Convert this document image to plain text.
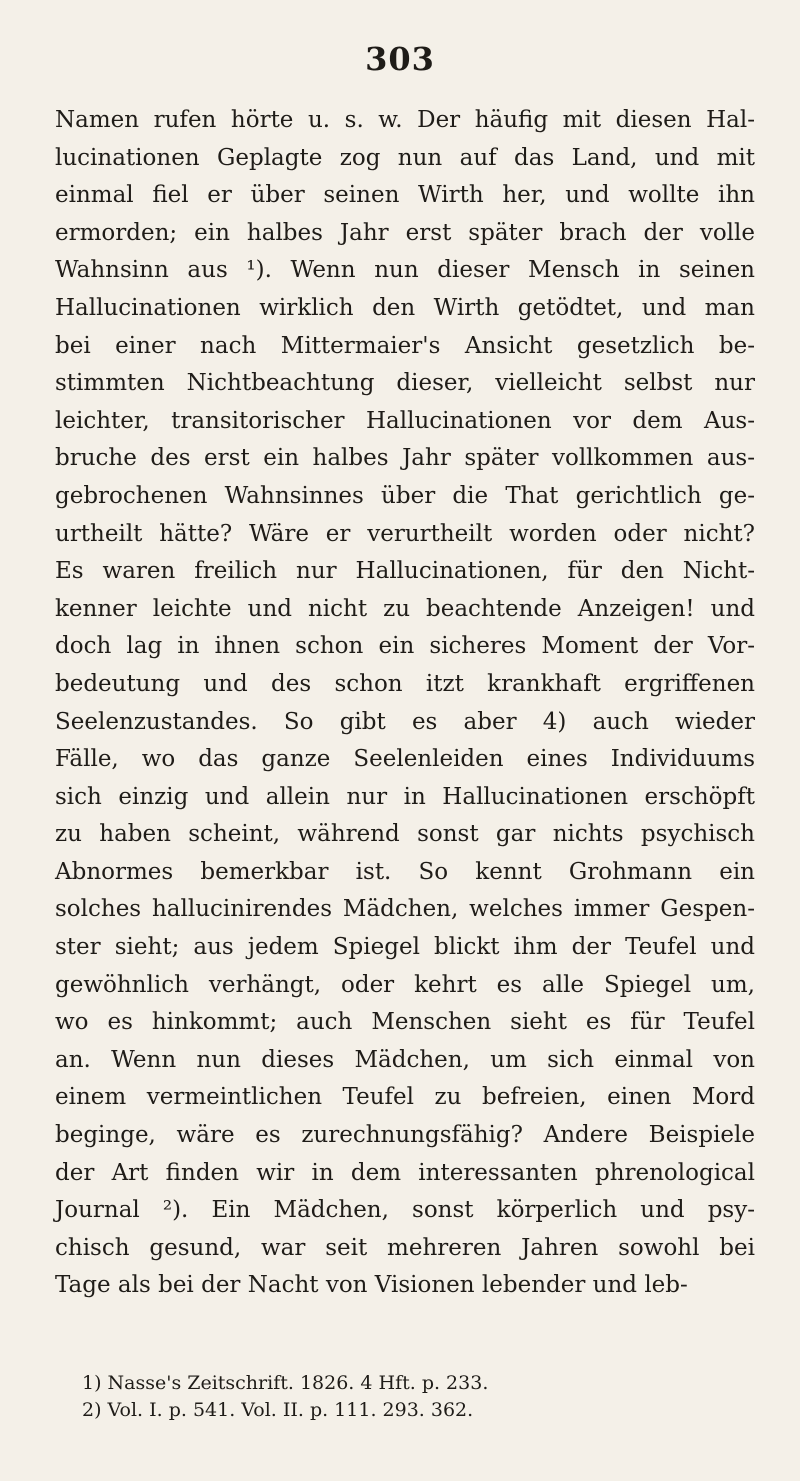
303
Namen rufen hörte u. s. w. Der häufig mit diesen Hal-
lucinationen Geplagte zog nun auf das Land, und mit
einmal fiel er über seinen Wirth her, und wollte ihn
ermorden; ein halbes Jahr erst später brach der volle
Wahnsinn aus ¹). Wenn nun dieser Mensch in seinen
Hallucinationen wirklich den Wirth getödtet, und man
bei einer nach Mittermaier's Ansicht gesetzlich be-
stimmten Nichtbeachtung dieser, vielleicht selbst nur
leichter, transitorischer Hallucinationen vor dem Aus-
bruche des erst ein halbes Jahr später vollkommen aus-
gebrochenen Wahnsinnes über die That gerichtlich ge-
urtheilt hätte? Wäre er verurtheilt worden oder nicht?
Es waren freilich nur Hallucinationen, für den Nicht-
kenner leichte und nicht zu beachtende Anzeigen! und
doch lag in ihnen schon ein sicheres Moment der Vor-
bedeutung und des schon itzt krankhaft ergriffenen
Seelenzustandes. So gibt es aber 4) auch wieder
Fälle, wo das ganze Seelenleiden eines Individuums
sich einzig und allein nur in Hallucinationen erschöpft
zu haben scheint, während sonst gar nichts psychisch
Abnormes bemerkbar ist. So kennt Grohmann ein
solches hallucinirendes Mädchen, welches immer Gespen-
ster sieht; aus jedem Spiegel blickt ihm der Teufel und
gewöhnlich verhängt, oder kehrt es alle Spiegel um,
wo es hinkommt; auch Menschen sieht es für Teufel
an. Wenn nun dieses Mädchen, um sich einmal von
einem vermeintlichen Teufel zu befreien, einen Mord
beginge, wäre es zurechnungsfähig? Andere Beispiele
der Art finden wir in dem interessanten phrenological
Journal ²). Ein Mädchen, sonst körperlich und psy-
chisch gesund, war seit mehreren Jahren sowohl bei
Tage als bei der Nacht von Visionen lebender und leb-
1) Nasse's Zeitschrift. 1826. 4 Hft. p. 233.
2) Vol. I. p. 541. Vol. II. p. 111. 293. 362.
